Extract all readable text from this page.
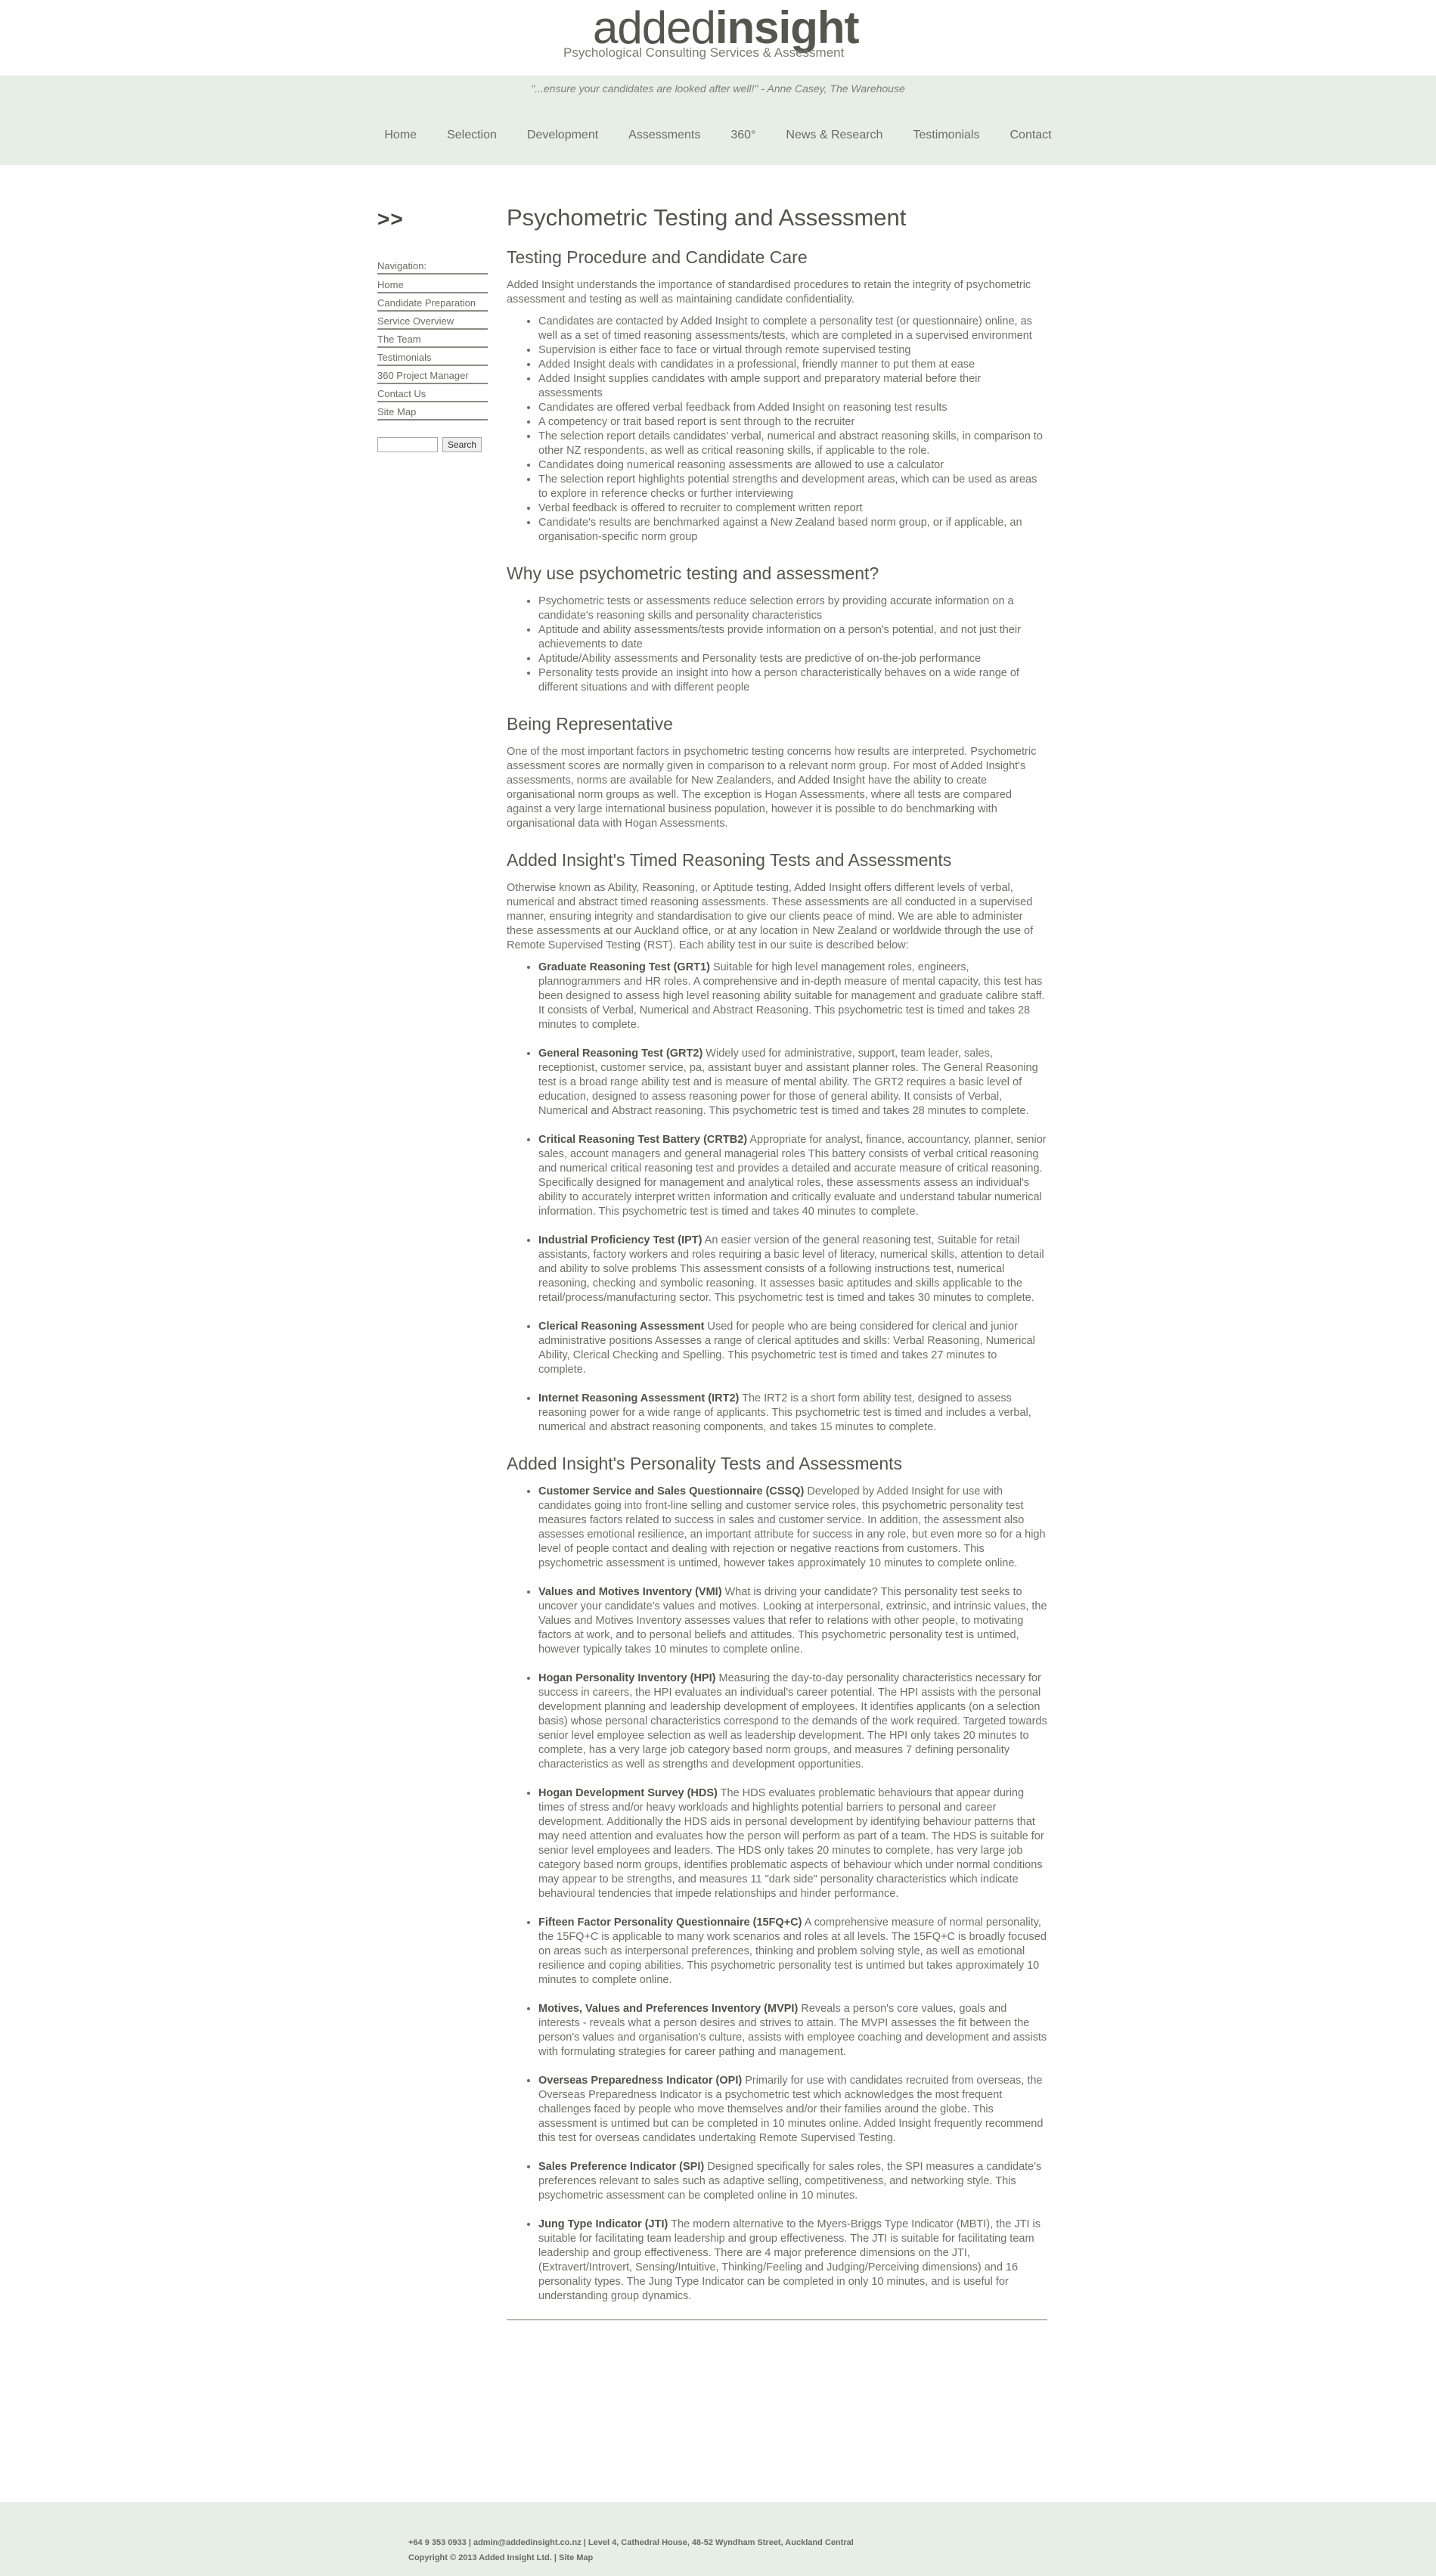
addedinsight
Psychological Consulting Services & Assessment
"...ensure your candidates are looked after well!" - Anne Casey, The Warehouse
Home	Selection	Development	Assessments	360°	News & Research	Testimonials	Contact
>>
Navigation:
Home
Candidate Preparation
Service Overview
The Team
Testimonials
360 Project Manager
Contact Us
Site Map
Search
Psychometric Testing and Assessment
Testing Procedure and Candidate Care

Added Insight understands the importance of standardised procedures to retain the integrity of psychometric assessment and testing as well as maintaining candidate confidentiality.

• Candidates are contacted by Added Insight to complete a personality test (or questionnaire) online, as well as a set of timed reasoning assessments/tests, which are completed in a supervised environment
• Supervision is either face to face or virtual through remote supervised testing
• Added Insight deals with candidates in a professional, friendly manner to put them at ease
• Added Insight supplies candidates with ample support and preparatory material before their assessments
• Candidates are offered verbal feedback from Added Insight on reasoning test results
• A competency or trait based report is sent through to the recruiter
• The selection report details candidates' verbal, numerical and abstract reasoning skills, in comparison to other NZ respondents, as well as critical reasoning skills, if applicable to the role.
• Candidates doing numerical reasoning assessments are allowed to use a calculator
• The selection report highlights potential strengths and development areas, which can be used as areas to explore in reference checks or further interviewing
• Verbal feedback is offered to recruiter to complement written report
• Candidate's results are benchmarked against a New Zealand based norm group, or if applicable, an organisation-specific norm group
Why use psychometric testing and assessment?
• Psychometric tests or assessments reduce selection errors by providing accurate information on a candidate's reasoning skills and personality characteristics
• Aptitude and ability assessments/tests provide information on a person's potential, and not just their achievements to date
• Aptitude/Ability assessments and Personality tests are predictive of on-the-job performance
• Personality tests provide an insight into how a person characteristically behaves on a wide range of different situations and with different people
Being Representative

One of the most important factors in psychometric testing concerns how results are interpreted. Psychometric assessment scores are normally given in comparison to a relevant norm group. For most of Added Insight's assessments, norms are available for New Zealanders, and Added Insight have the ability to create organisational norm groups as well. The exception is Hogan Assessments, where all tests are compared against a very large international business population, however it is possible to do benchmarking with organisational data with Hogan Assessments.

Added Insight's Timed Reasoning Tests and Assessments

Otherwise known as Ability, Reasoning, or Aptitude testing, Added Insight offers different levels of verbal, numerical and abstract timed reasoning assessments. These assessments are all conducted in a supervised manner, ensuring integrity and standardisation to give our clients peace of mind. We are able to administer these assessments at our Auckland office, or at any location in New Zealand or worldwide through the use of Remote Supervised Testing (RST). Each ability test in our suite is described below:

• Graduate Reasoning Test (GRT1) Suitable for high level management roles, engineers, plannogrammers and HR roles. A comprehensive and in-depth measure of mental capacity, this test has been designed to assess high level reasoning ability suitable for management and graduate calibre staff. It consists of Verbal, Numerical and Abstract Reasoning. This psychometric test is timed and takes 28 minutes to complete.
• General Reasoning Test (GRT2) Widely used for administrative, support, team leader, sales, receptionist, customer service, pa, assistant buyer and assistant planner roles. The General Reasoning test is a broad range ability test and is measure of mental ability. The GRT2 requires a basic level of education, designed to assess reasoning power for those of general ability. It consists of Verbal, Numerical and Abstract reasoning. This psychometric test is timed and takes 28 minutes to complete.
• Critical Reasoning Test Battery (CRTB2) Appropriate for analyst, finance, accountancy, planner, senior sales, account managers and general managerial roles This battery consists of verbal critical reasoning and numerical critical reasoning test and provides a detailed and accurate measure of critical reasoning. Specifically designed for management and analytical roles, these assessments assess an individual's ability to accurately interpret written information and critically evaluate and understand tabular numerical information. This psychometric test is timed and takes 40 minutes to complete.
• Industrial Proficiency Test (IPT) An easier version of the general reasoning test, Suitable for retail assistants, factory workers and roles requiring a basic level of literacy, numerical skills, attention to detail and ability to solve problems This assessment consists of a following instructions test, numerical reasoning, checking and symbolic reasoning. It assesses basic aptitudes and skills applicable to the retail/process/manufacturing sector. This psychometric test is timed and takes 30 minutes to complete.
• Clerical Reasoning Assessment Used for people who are being considered for clerical and junior administrative positions Assesses a range of clerical aptitudes and skills: Verbal Reasoning, Numerical Ability, Clerical Checking and Spelling. This psychometric test is timed and takes 27 minutes to complete.
• Internet Reasoning Assessment (IRT2) The IRT2 is a short form ability test, designed to assess reasoning power for a wide range of applicants. This psychometric test is timed and includes a verbal, numerical and abstract reasoning components, and takes 15 minutes to complete.
Added Insight's Personality Tests and Assessments
• Customer Service and Sales Questionnaire (CSSQ) Developed by Added Insight for use with candidates going into front-line selling and customer service roles, this psychometric personality test measures factors related to success in sales and customer service. In addition, the assessment also assesses emotional resilience, an important attribute for success in any role, but even more so for a high level of people contact and dealing with rejection or negative reactions from customers. This psychometric assessment is untimed, however takes approximately 10 minutes to complete online.
• Values and Motives Inventory (VMI) What is driving your candidate? This personality test seeks to uncover your candidate's values and motives. Looking at interpersonal, extrinsic, and intrinsic values, the Values and Motives Inventory assesses values that refer to relations with other people, to motivating factors at work, and to personal beliefs and attitudes. This psychometric personality test is untimed, however typically takes 10 minutes to complete online.
• Hogan Personality Inventory (HPI) Measuring the day-to-day personality characteristics necessary for success in careers, the HPI evaluates an individual's career potential. The HPI assists with the personal development planning and leadership development of employees. It identifies applicants (on a selection basis) whose personal characteristics correspond to the demands of the work required. Targeted towards senior level employee selection as well as leadership development. The HPI only takes 20 minutes to complete, has a very large job category based norm groups, and measures 7 defining personality characteristics as well as strengths and development opportunities.
• Hogan Development Survey (HDS) The HDS evaluates problematic behaviours that appear during times of stress and/or heavy workloads and highlights potential barriers to personal and career development. Additionally the HDS aids in personal development by identifying behaviour patterns that may need attention and evaluates how the person will perform as part of a team. The HDS is suitable for senior level employees and leaders. The HDS only takes 20 minutes to complete, has very large job category based norm groups, identifies problematic aspects of behaviour which under normal conditions may appear to be strengths, and measures 11 "dark side" personality characteristics which indicate behavioural tendencies that impede relationships and hinder performance.
• Fifteen Factor Personality Questionnaire (15FQ+C) A comprehensive measure of normal personality, the 15FQ+C is applicable to many work scenarios and roles at all levels. The 15FQ+C is broadly focused on areas such as interpersonal preferences, thinking and problem solving style, as well as emotional resilience and coping abilities. This psychometric personality test is untimed but takes approximately 10 minutes to complete online.
• Motives, Values and Preferences Inventory (MVPI) Reveals a person's core values, goals and interests - reveals what a person desires and strives to attain. The MVPI assesses the fit between the person's values and organisation's culture, assists with employee coaching and development and assists with formulating strategies for career pathing and management.
• Overseas Preparedness Indicator (OPI) Primarily for use with candidates recruited from overseas, the Overseas Preparedness Indicator is a psychometric test which acknowledges the most frequent challenges faced by people who move themselves and/or their families around the globe. This assessment is untimed but can be completed in 10 minutes online. Added Insight frequently recommend this test for overseas candidates undertaking Remote Supervised Testing.
• Sales Preference Indicator (SPI) Designed specifically for sales roles, the SPI measures a candidate's preferences relevant to sales such as adaptive selling, competitiveness, and networking style. This psychometric assessment can be completed online in 10 minutes.
• Jung Type Indicator (JTI) The modern alternative to the Myers-Briggs Type Indicator (MBTI), the JTI is suitable for facilitating team leadership and group effectiveness. The JTI is suitable for facilitating team leadership and group effectiveness. There are 4 major preference dimensions on the JTI, (Extravert/Introvert, Sensing/Intuitive, Thinking/Feeling and Judging/Perceiving dimensions) and 16 personality types. The Jung Type Indicator can be completed in only 10 minutes, and is useful for understanding group dynamics.
+64 9 353 0933 | admin@addedinsight.co.nz | Level 4, Cathedral House, 48-52 Wyndham Street, Auckland Central
Copyright © 2013 Added Insight Ltd. | Site Map
